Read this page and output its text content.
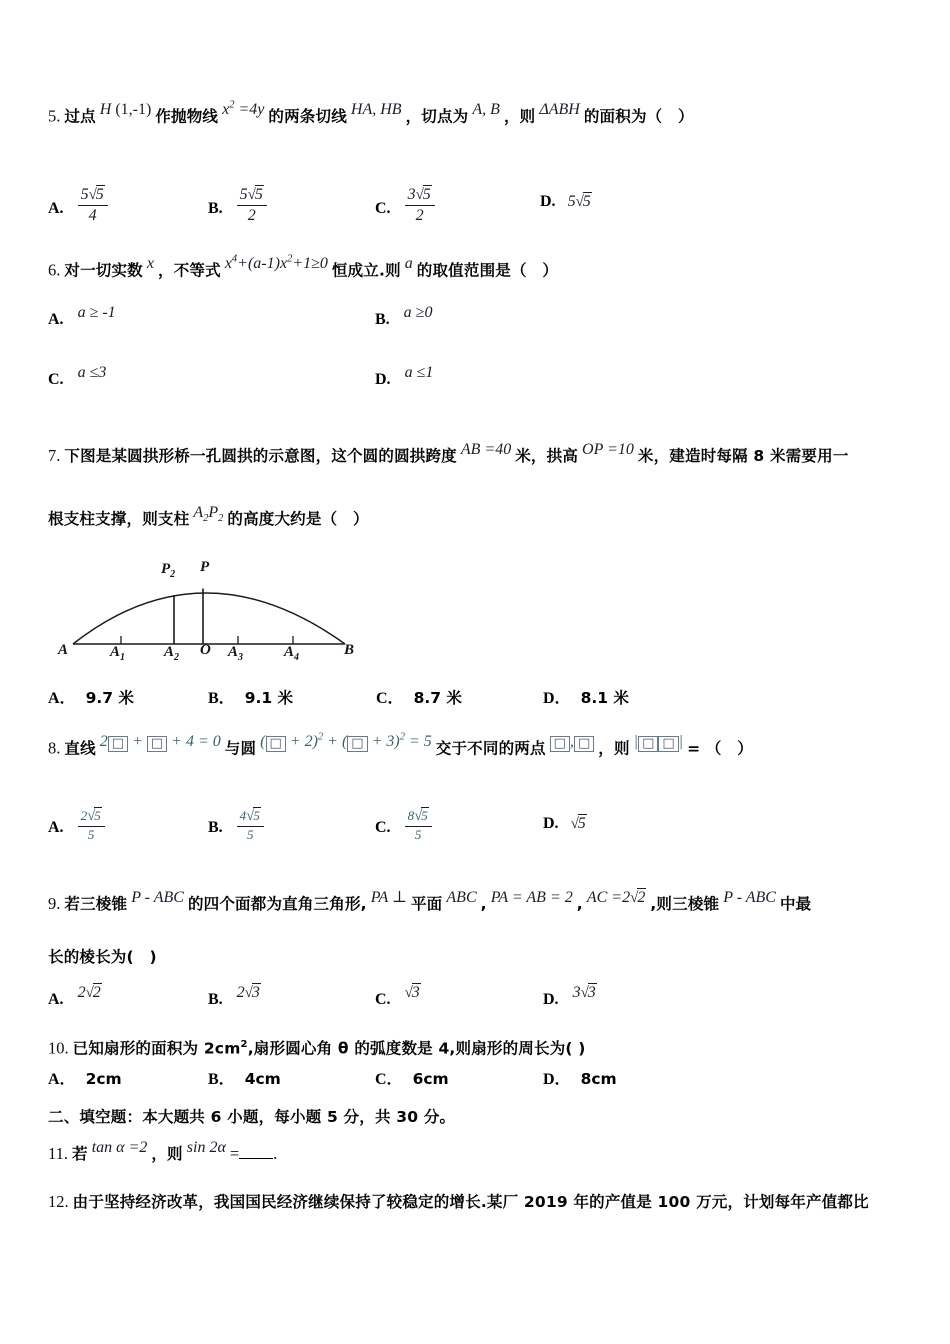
5. 过点 H (1,-1) 作抛物线 $x^2 =4y$ 的两条切线 HA, HB ，切点为 A, B ，则 ΔABH 的面积为（　）
A. $\frac{5√5}{4}$	B. $\frac{5√5}{2}$	C. $\frac{3√5}{2}$	D. 5√5
6. 对一切实数 x ，不等式 $x^4+(a-1)x^2+1\ge 0$ 恒成立.则 a 的取值范围是（　）
A. a ≥ -1	B. a ≥0
C. a ≤3	D. a ≤1
7. 下图是某圆拱形桥一孔圆拱的示意图，这个圆的圆拱跨度 AB =40 米，拱高 OP =10 米，建造时每隔 8 米需要用一
根支柱支撑，则支柱 $A_2P_2$ 的高度大约是（　）
A	$A_1$	$A_2$ O $A_3$	$A_4$	B
$P_2$ P
A． 9.7 米	B． 9.1 米	C． 8.7 米	D． 8.1 米
8. 直线 2 □ + □ + 4 = 0 与圆 ( □ + 2)$^2$ + ( □ + 3)$^2$ = 5 交于不同的两点 □ , □ ，则 | □ □ | = （　）
A. $\frac{2√5}{5}$	B. $\frac{4√5}{5}$	C. $\frac{8√5}{5}$	D. √5
9. 若三棱锥 P - ABC 的四个面都为直角三角形, PA ⊥ 平面 ABC , PA = AB = 2 , AC =2√2 ,则三棱锥 P - ABC 中最
长的棱长为(　)
A. 2√2	B. 2√3	C. √3	D. 3√3
10. 已知扇形的面积为 $2cm^2$,扇形圆心角 θ 的弧度数是 4,则扇形的周长为( )
A． 2cm	B． 4cm	C． 6cm	D． 8cm
二、填空题：本大题共 6 小题，每小题 5 分，共 30 分。
11. 若 tan α =2 ，则 sin 2α = .
12. 由于坚持经济改革，我国国民经济继续保持了较稳定的增长.某厂 2019 年的产值是 100 万元，计划每年产值都比
